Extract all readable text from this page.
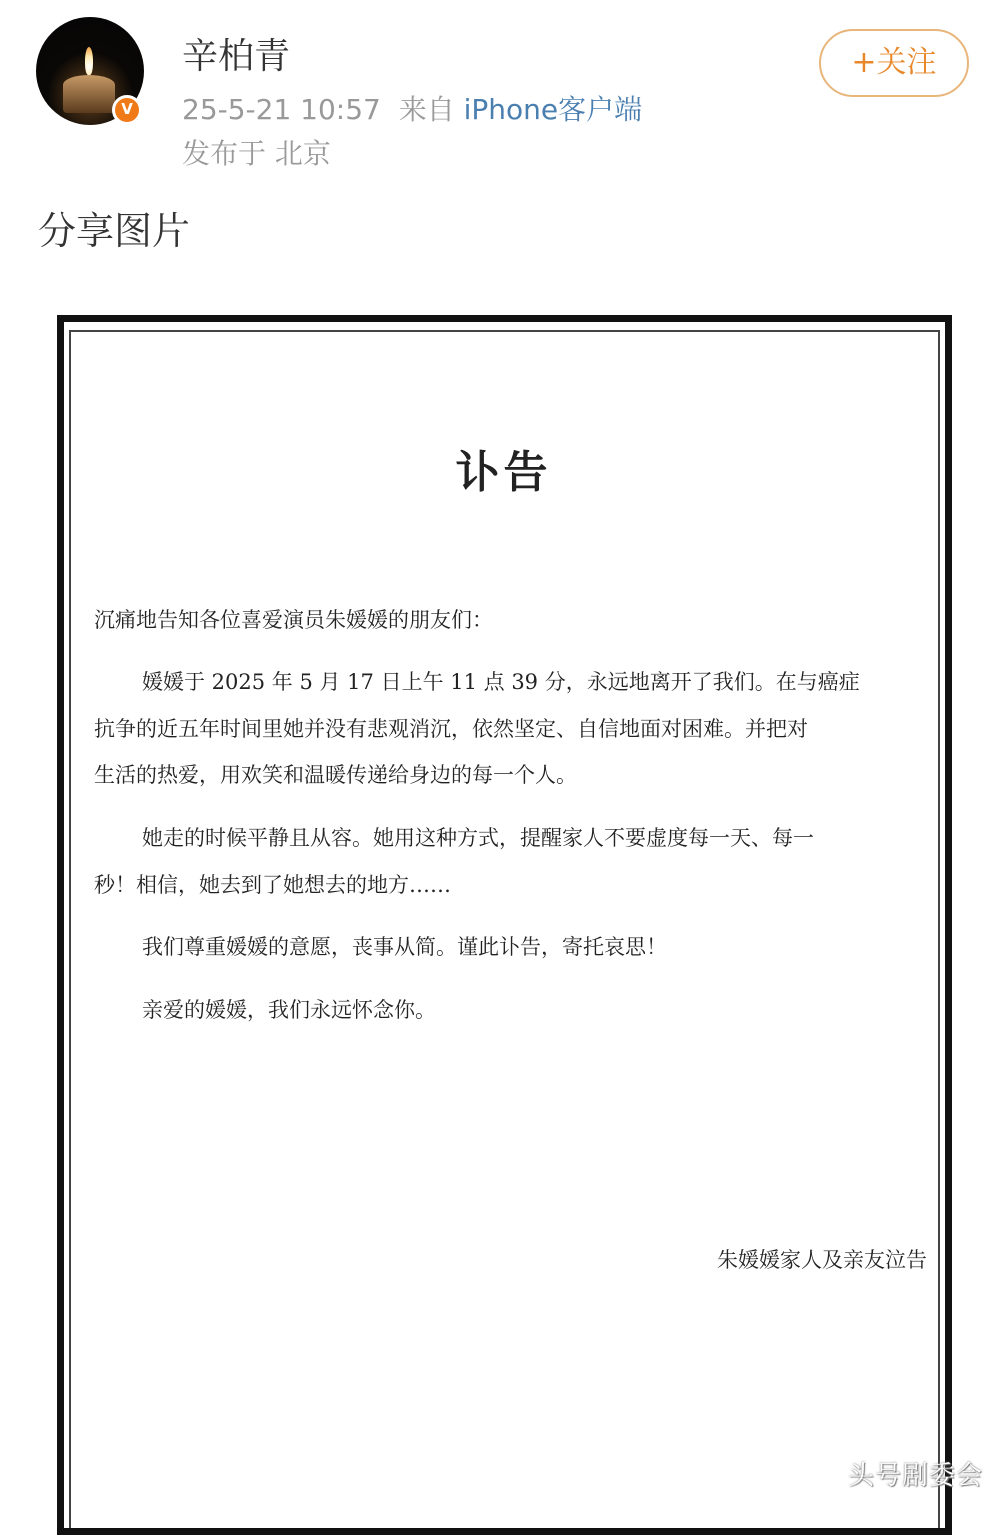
V
辛柏青
25-5-21 10:57 来自 iPhone客户端
发布于 北京
+关注
分享图片
讣告
沉痛地告知各位喜爱演员朱媛媛的朋友们：
媛媛于 2025 年 5 月 17 日上午 11 点 39 分，永远地离开了我们。在与癌症
抗争的近五年时间里她并没有悲观消沉，依然坚定、自信地面对困难。并把对
生活的热爱，用欢笑和温暖传递给身边的每一个人。
她走的时候平静且从容。她用这种方式，提醒家人不要虚度每一天、每一
秒！相信，她去到了她想去的地方……
我们尊重媛媛的意愿，丧事从简。谨此讣告，寄托哀思！
亲爱的媛媛，我们永远怀念你。
朱媛媛家人及亲友泣告
头号剧委会
